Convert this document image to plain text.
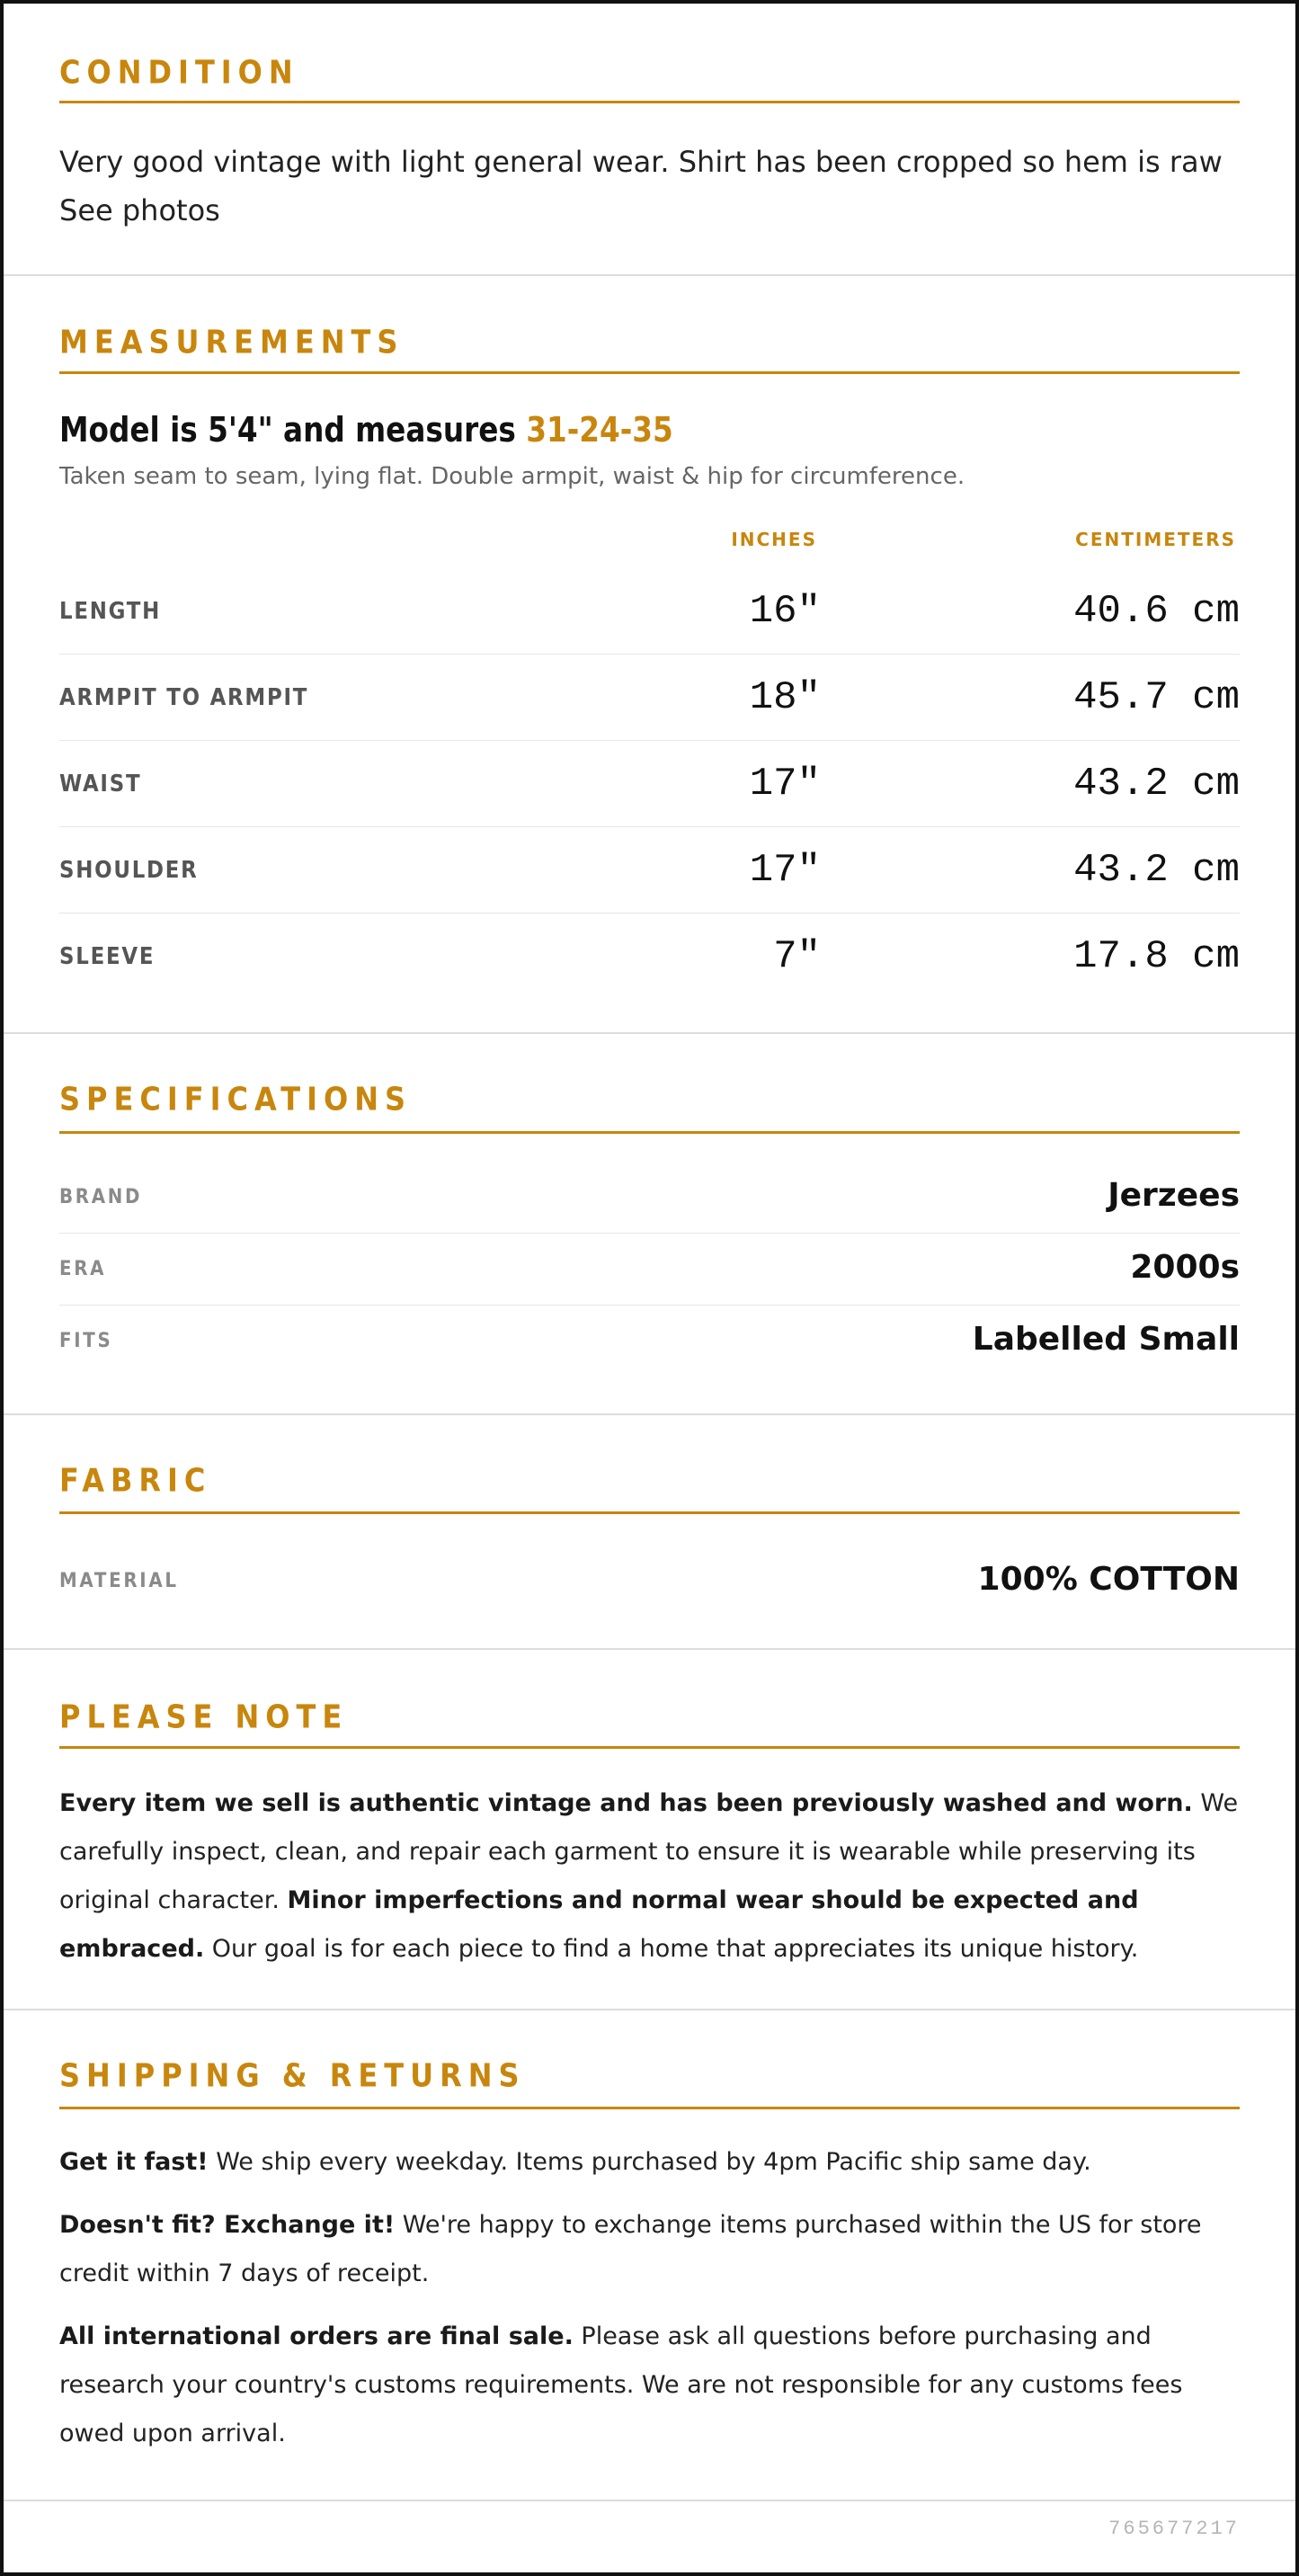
CONDITION
Very good vintage with light general wear. Shirt has been cropped so hem is raw See photos
MEASUREMENTS
Model is 5'4" and measures 31-24-35
Taken seam to seam, lying flat. Double armpit, waist & hip for circumference.
INCHES	CENTIMETERS
LENGTH	16"	40.6 cm
ARMPIT TO ARMPIT	18"	45.7 cm
WAIST	17"	43.2 cm
SHOULDER	17"	43.2 cm
SLEEVE	7"	17.8 cm
SPECIFICATIONS
BRAND	Jerzees
ERA	2000s
FITS	Labelled Small
FABRIC
MATERIAL	100% COTTON
PLEASE NOTE
Every item we sell is authentic vintage and has been previously washed and worn. We carefully inspect, clean, and repair each garment to ensure it is wearable while preserving its original character. Minor imperfections and normal wear should be expected and embraced. Our goal is for each piece to find a home that appreciates its unique history.
SHIPPING & RETURNS
Get it fast! We ship every weekday. Items purchased by 4pm Pacific ship same day.
Doesn't fit? Exchange it! We're happy to exchange items purchased within the US for store credit within 7 days of receipt.
All international orders are final sale. Please ask all questions before purchasing and research your country's customs requirements. We are not responsible for any customs fees owed upon arrival.
765677217
